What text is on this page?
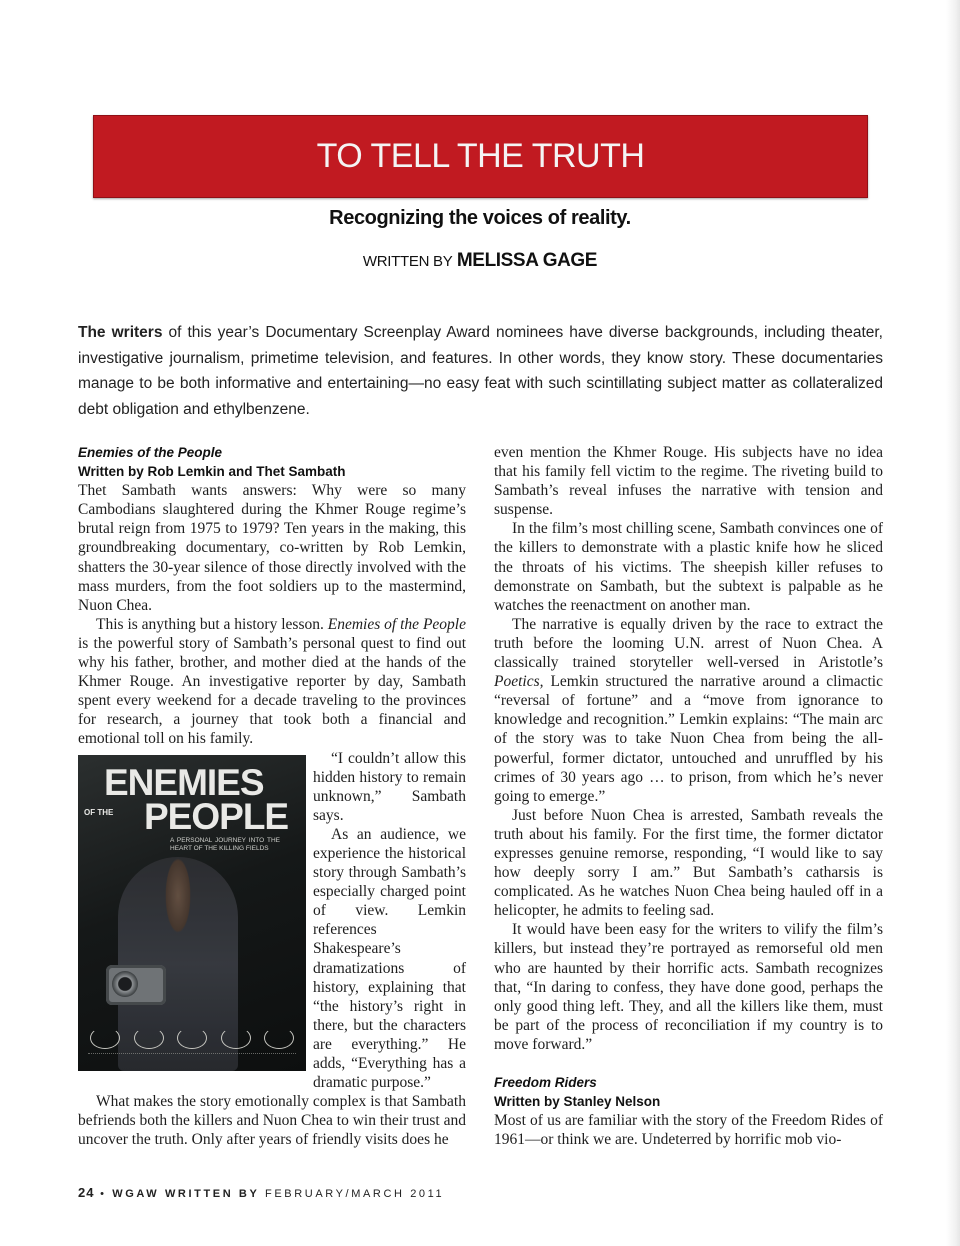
TO TELL THE TRUTH
Recognizing the voices of reality.
WRITTEN BY MELISSA GAGE
The writers of this year’s Documentary Screenplay Award nominees have diverse backgrounds, including theater, investigative journalism, primetime television, and features. In other words, they know story. These documentaries manage to be both informative and entertaining—no easy feat with such scintillating subject matter as collateralized debt obligation and ethylbenzene.
Enemies of the People
Written by Rob Lemkin and Thet Sambath

Thet Sambath wants answers: Why were so many Cambodians slaughtered during the Khmer Rouge regime’s brutal reign from 1975 to 1979? Ten years in the making, this groundbreaking documentary, co-written by Rob Lemkin, shatters the 30-year silence of those directly involved with the mass murders, from the foot soldiers up to the mastermind, Nuon Chea.

This is anything but a history lesson. Enemies of the People is the powerful story of Sambath’s personal quest to find out why his father, brother, and mother died at the hands of the Khmer Rouge. An investigative reporter by day, Sambath spent every weekend for a decade traveling to the provinces for research, a journey that took both a financial and emotional toll on his family.

ENEMIES
OF THE PEOPLE
A PERSONAL JOURNEY INTO THE HEART OF THE KILLING FIELDS

“I couldn’t allow this hidden history to remain unknown,” Sambath says.

As an audience, we experience the historical story through Sambath’s especially charged point of view. Lemkin references Shakespeare’s dramatizations of history, explaining that “the history’s right in there, but the characters are everything.” He adds, “Everything has a dramatic purpose.”

What makes the story emotionally complex is that Sambath befriends both the killers and Nuon Chea to win their trust and uncover the truth. Only after years of friendly visits does he

even mention the Khmer Rouge. His subjects have no idea that his family fell victim to the regime. The riveting build to Sambath’s reveal infuses the narrative with tension and suspense.

In the film’s most chilling scene, Sambath convinces one of the killers to demonstrate with a plastic knife how he sliced the throats of his victims. The sheepish killer refuses to demonstrate on Sambath, but the subtext is palpable as he watches the reenactment on another man.

The narrative is equally driven by the race to extract the truth before the looming U.N. arrest of Nuon Chea. A classically trained storyteller well-versed in Aristotle’s Poetics, Lemkin structured the narrative around a climactic “reversal of fortune” and a “move from ignorance to knowledge and recognition.” Lemkin explains: “The main arc of the story was to take Nuon Chea from being the all-powerful, former dictator, untouched and unruffled by his crimes of 30 years ago … to prison, from which he’s never going to emerge.”

Just before Nuon Chea is arrested, Sambath reveals the truth about his family. For the first time, the former dictator expresses genuine remorse, responding, “I would like to say how deeply sorry I am.” But Sambath’s catharsis is complicated. As he watches Nuon Chea being hauled off in a helicopter, he admits to feeling sad.

It would have been easy for the writers to vilify the film’s killers, but instead they’re portrayed as remorseful old men who are haunted by their horrific acts. Sambath recognizes that, “In daring to confess, they have done good, perhaps the only good thing left. They, and all the killers like them, must be part of the process of reconciliation if my country is to move forward.”

Freedom Riders
Written by Stanley Nelson

Most of us are familiar with the story of the Freedom Rides of 1961—or think we are. Undeterred by horrific mob vio-

24 • WGAW WRITTEN BY FEBRUARY/MARCH 2011
